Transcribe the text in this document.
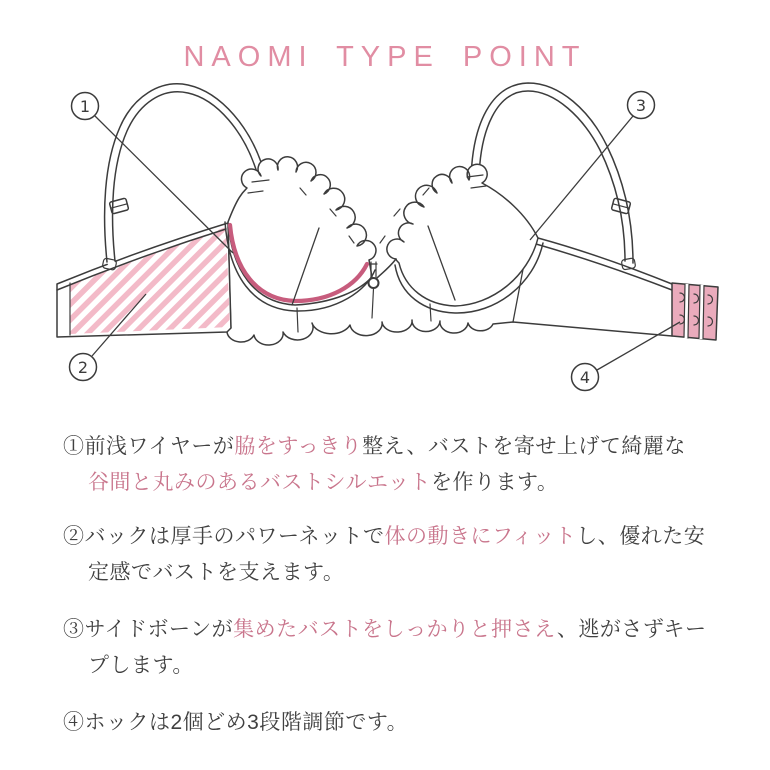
NAOMI TYPE POINT
1
2
3
4
①前浅ワイヤーが脇をすっきり整え、バストを寄せ上げて綺麗な
谷間と丸みのあるバストシルエットを作ります。
②バックは厚手のパワーネットで体の動きにフィットし、優れた安
定感でバストを支えます。
③サイドボーンが集めたバストをしっかりと押さえ、逃がさずキー
プします。
④ホックは2個どめ3段階調節です。
